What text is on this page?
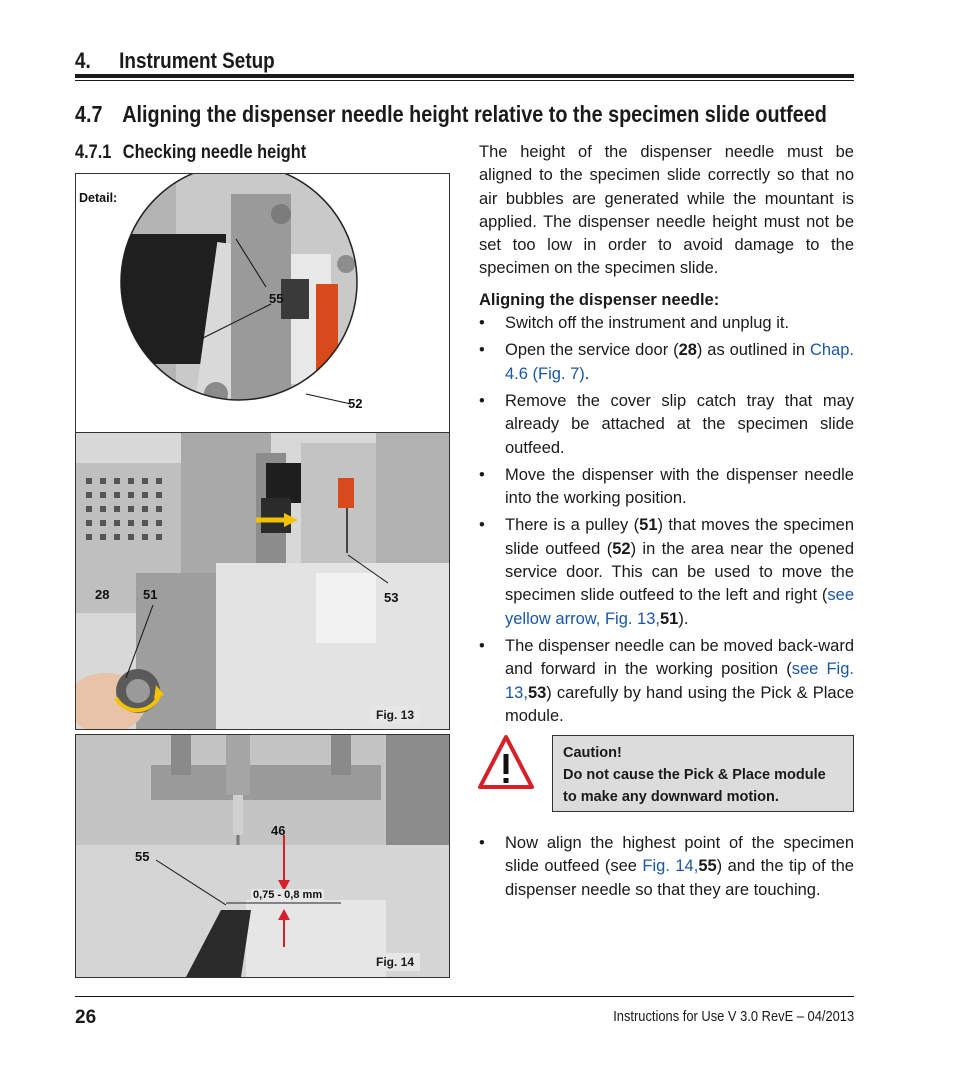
4.  Instrument Setup
4.7 Aligning the dispenser needle height relative to the specimen slide outfeed
4.7.1  Checking needle height
Detail:
55
52
28	51	53
Fig. 13
46
55
0,75 - 0,8 mm
Fig. 14

The height of the dispenser needle must be aligned to the specimen slide correctly so that no air bubbles are generated while the mountant is applied. The dispenser needle height must not be set too low in order to avoid damage to the specimen on the specimen slide.

Aligning the dispenser needle:

• Switch off the instrument and unplug it.
• Open the service door (28) as outlined in Chap. 4.6 (Fig. 7).
• Remove the cover slip catch tray that may already be attached at the specimen slide outfeed.
• Move the dispenser with the dispenser needle into the working position.
• There is a pulley (51) that moves the specimen slide outfeed (52) in the area near the opened service door. This can be used to move the specimen slide outfeed to the left and right (see yellow arrow, Fig. 13,51).
• The dispenser needle can be moved back-ward and forward in the working position (see Fig. 13,53) carefully by hand using the Pick & Place module.
Caution!
Do not cause the Pick & Place module
to make any downward motion.
• Now align the highest point of the specimen slide outfeed (see Fig. 14,55) and the tip of the dispenser needle so that they are touching.
26	Instructions for Use V 3.0 RevE – 04/2013
